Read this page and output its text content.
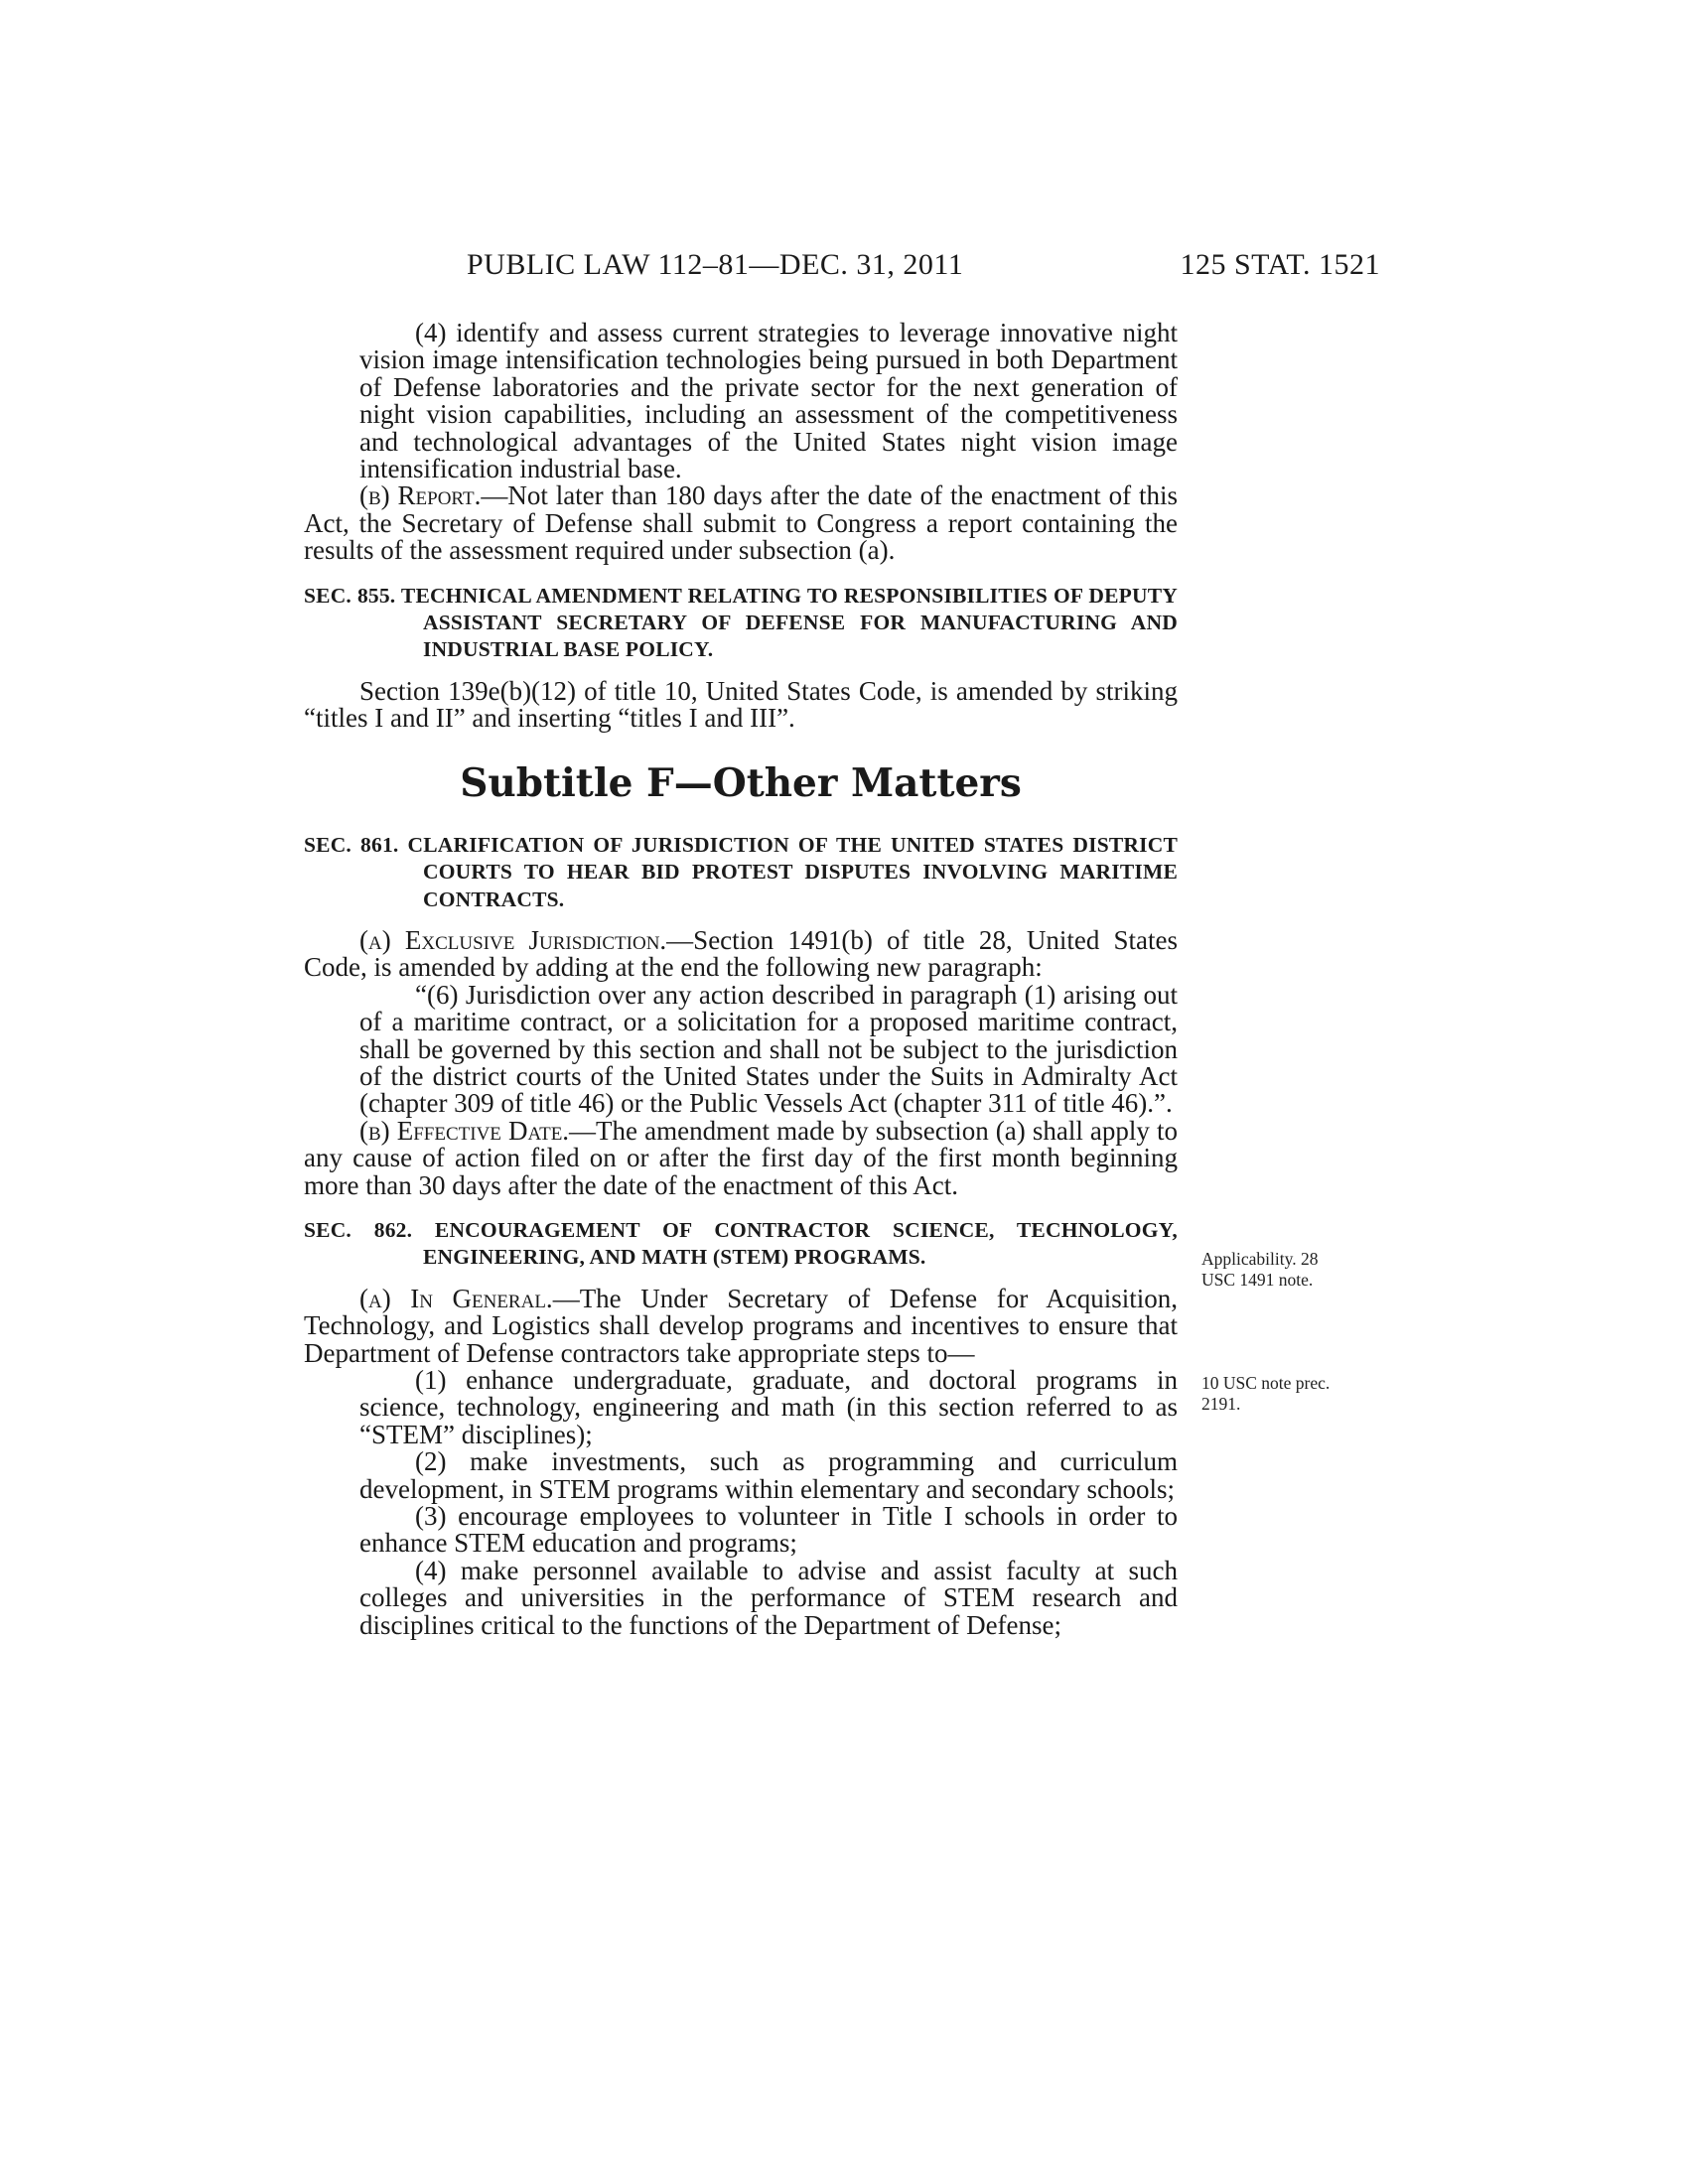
PUBLIC LAW 112–81—DEC. 31, 2011	125 STAT. 1521

(4) identify and assess current strategies to leverage innovative night vision image intensification technologies being pursued in both Department of Defense laboratories and the private sector for the next generation of night vision capabilities, including an assessment of the competitiveness and technological advantages of the United States night vision image intensification industrial base.

(b) Report.—Not later than 180 days after the date of the enactment of this Act, the Secretary of Defense shall submit to Congress a report containing the results of the assessment required under subsection (a).

SEC. 855. TECHNICAL AMENDMENT RELATING TO RESPONSIBILITIES OF DEPUTY ASSISTANT SECRETARY OF DEFENSE FOR MANUFACTURING AND INDUSTRIAL BASE POLICY.

Section 139e(b)(12) of title 10, United States Code, is amended by striking “titles I and II” and inserting “titles I and III”.

Subtitle F—Other Matters

SEC. 861. CLARIFICATION OF JURISDICTION OF THE UNITED STATES DISTRICT COURTS TO HEAR BID PROTEST DISPUTES INVOLVING MARITIME CONTRACTS.

(a) Exclusive Jurisdiction.—Section 1491(b) of title 28, United States Code, is amended by adding at the end the following new paragraph:

“(6) Jurisdiction over any action described in paragraph (1) arising out of a maritime contract, or a solicitation for a proposed maritime contract, shall be governed by this section and shall not be subject to the jurisdiction of the district courts of the United States under the Suits in Admiralty Act (chapter 309 of title 46) or the Public Vessels Act (chapter 311 of title 46).”.

(b) Effective Date.—The amendment made by subsection (a) shall apply to any cause of action filed on or after the first day of the first month beginning more than 30 days after the date of the enactment of this Act.

SEC. 862. ENCOURAGEMENT OF CONTRACTOR SCIENCE, TECHNOLOGY, ENGINEERING, AND MATH (STEM) PROGRAMS.

(a) In General.—The Under Secretary of Defense for Acquisition, Technology, and Logistics shall develop programs and incentives to ensure that Department of Defense contractors take appropriate steps to—

(1) enhance undergraduate, graduate, and doctoral programs in science, technology, engineering and math (in this section referred to as “STEM” disciplines);

(2) make investments, such as programming and curriculum development, in STEM programs within elementary and secondary schools;

(3) encourage employees to volunteer in Title I schools in order to enhance STEM education and programs;

(4) make personnel available to advise and assist faculty at such colleges and universities in the performance of STEM research and disciplines critical to the functions of the Department of Defense;

Applicability. 28 USC 1491 note.
10 USC note prec. 2191.
